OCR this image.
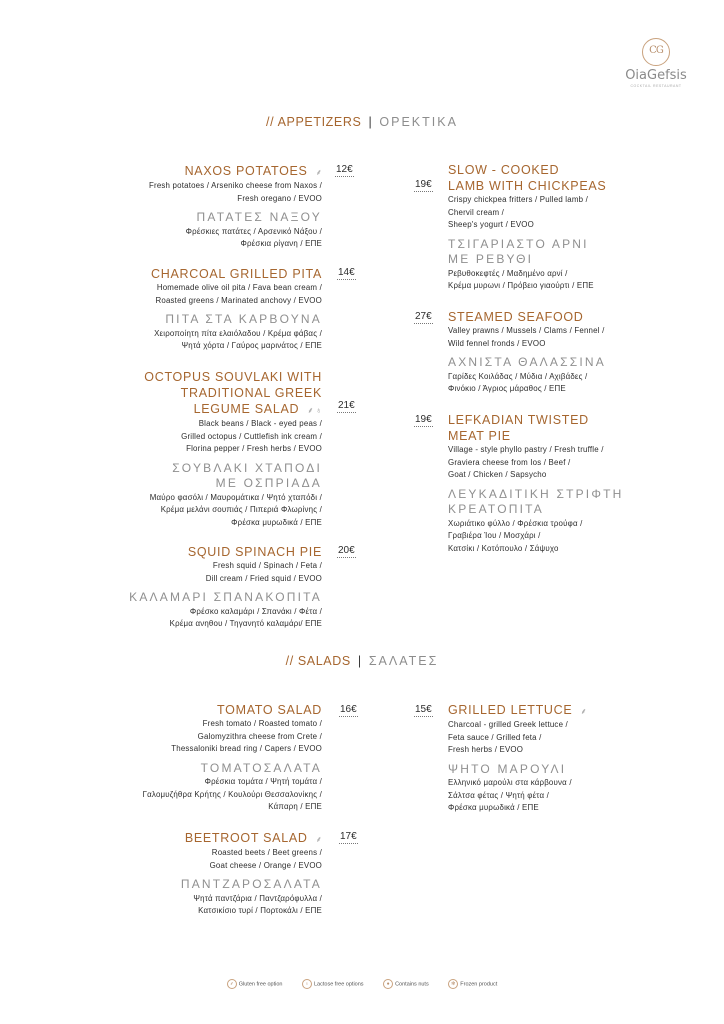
CG
OiaGefsis
COCKTAIL RESTAURANT
// APPETIZERS | ΟΡΕΚΤΙΚΑ
NAXOS POTATOES ⸙
Fresh potatoes / Arseniko cheese from Naxos /
Fresh oregano / EVOO
ΠΑΤΑΤΕΣ ΝΑΞΟΥ
Φρέσκιες πατάτες / Αρσενικό Νάξου /
Φρέσκια ρίγανη / ΕΠΕ
12€
CHARCOAL GRILLED PITA
Homemade olive oil pita / Fava bean cream /
Roasted greens / Marinated anchovy / EVOO
ΠΙΤΑ ΣΤΑ ΚΑΡΒΟΥΝΑ
Χειροποίητη πίτα ελαιόλαδου / Κρέμα φάβας /
Ψητά χόρτα / Γαύρος μαρινάτος / ΕΠΕ
14€
OCTOPUS SOUVLAKI WITH
TRADITIONAL GREEK
LEGUME SALAD ⸙ ♁
Black beans / Black - eyed peas /
Grilled octopus / Cuttlefish ink cream /
Florina pepper / Fresh herbs / EVOO
ΣΟΥΒΛΑΚΙ ΧΤΑΠΟΔΙ
ΜΕ ΟΣΠΡΙΑΔΑ
Μαύρο φασόλι / Μαυρομάτικα / Ψητό χταπόδι /
Κρέμα μελάνι σουπιάς / Πιπεριά Φλωρίνης /
Φρέσκα μυρωδικά / ΕΠΕ
21€
SQUID SPINACH PIE
Fresh squid / Spinach / Feta /
Dill cream / Fried squid / EVOO
ΚΑΛΑΜΑΡΙ ΣΠΑΝΑΚΟΠΙΤΑ
Φρέσκο καλαμάρι / Σπανάκι / Φέτα /
Κρέμα ανηθου / Τηγανητό καλαμάρι/ ΕΠΕ
20€
SLOW - COOKED
LAMB WITH CHICKPEAS
Crispy chickpea fritters / Pulled lamb /
Chervil cream /
Sheep's yogurt / EVOO
ΤΣΙΓΑΡΙΑΣΤΟ ΑΡΝΙ
ΜΕ ΡΕΒΥΘΙ
Ρεβυθοκεφτές / Μαδημένο αρνί /
Κρέμα μυρωνι / Πρόβειο γιαούρτι / ΕΠΕ
19€
STEAMED SEAFOOD
Valley prawns / Mussels / Clams / Fennel /
Wild fennel fronds / EVOO
ΑΧΝΙΣΤΑ ΘΑΛΑΣΣΙΝΑ
Γαρίδες Κοιλάδας / Μύδια / Αχιβάδες /
Φινόκιο / Άγριος μάραθος / ΕΠΕ
27€
LEFKADIAN TWISTED
MEAT PIE
Village - style phyllo pastry / Fresh truffle /
Graviera cheese from Ios / Beef /
Goat / Chicken / Sapsycho
ΛΕΥΚΑΔΙΤΙΚΗ ΣΤΡΙΦΤΗ
ΚΡΕΑΤΟΠΙΤΑ
Χωριάτικο φύλλο / Φρέσκια τρούφα /
Γραβιέρα Ίου / Μοσχάρι /
Κατσίκι / Κοτόπουλο / Σάψυχο
19€
// SALADS | ΣΑΛΑΤΕΣ
TOMATO SALAD
Fresh tomato / Roasted tomato /
Galomyzithra cheese from Crete /
Thessaloniki bread ring / Capers / EVOO
ΤΟΜΑΤΟΣΑΛΑΤΑ
Φρέσκια τομάτα / Ψητή τομάτα /
Γαλομυζήθρα Κρήτης / Κουλούρι Θεσσαλονίκης /
Κάπαρη / ΕΠΕ
16€
BEETROOT SALAD ⸙
Roasted beets / Beet greens /
Goat cheese / Orange / EVOO
ΠΑΝΤΖΑΡΟΣΑΛΑΤΑ
Ψητά παντζάρια / Παντζαρόφυλλα /
Κατσικίσιο τυρί / Πορτοκάλι / ΕΠΕ
17€
GRILLED LETTUCE ⸙
Charcoal - grilled Greek lettuce /
Feta sauce / Grilled feta /
Fresh herbs / EVOO
ΨΗΤΟ ΜΑΡΟΥΛΙ
Ελληνικό μαρούλι στα κάρβουνα /
Σάλτσα φέτας / Ψητή φέτα /
Φρέσκα μυρωδικά / ΕΠΕ
15€
⸙ Gluten free option	♁ Lactose free options	● Contains nuts	✻ Frozen product
